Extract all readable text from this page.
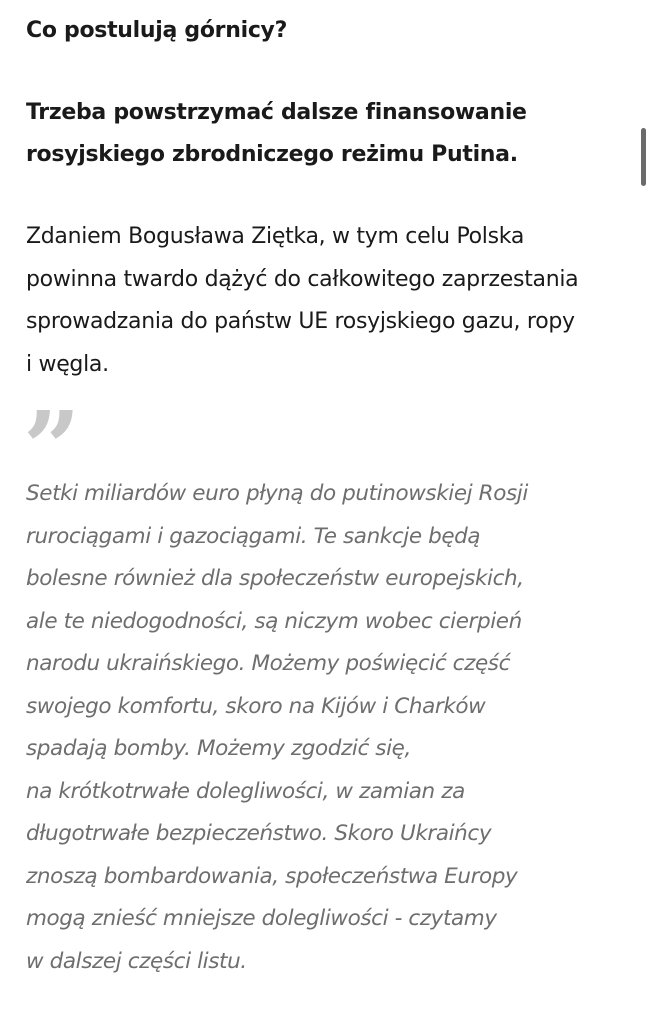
Co postulują górnicy?

Trzeba powstrzymać dalsze finansowanie
rosyjskiego zbrodniczego reżimu Putina.

Zdaniem Bogusława Ziętka, w tym celu Polska
powinna twardo dążyć do całkowitego zaprzestania
sprowadzania do państw UE rosyjskiego gazu, ropy
i węgla.

”
Setki miliardów euro płyną do putinowskiej Rosji
rurociągami i gazociągami. Te sankcje będą
bolesne również dla społeczeństw europejskich,
ale te niedogodności, są niczym wobec cierpień
narodu ukraińskiego. Możemy poświęcić część
swojego komfortu, skoro na Kijów i Charków
spadają bomby. Możemy zgodzić się,
na krótkotrwałe dolegliwości, w zamian za
długotrwałe bezpieczeństwo. Skoro Ukraińcy
znoszą bombardowania, społeczeństwa Europy
mogą znieść mniejsze dolegliwości - czytamy
w dalszej części listu.
